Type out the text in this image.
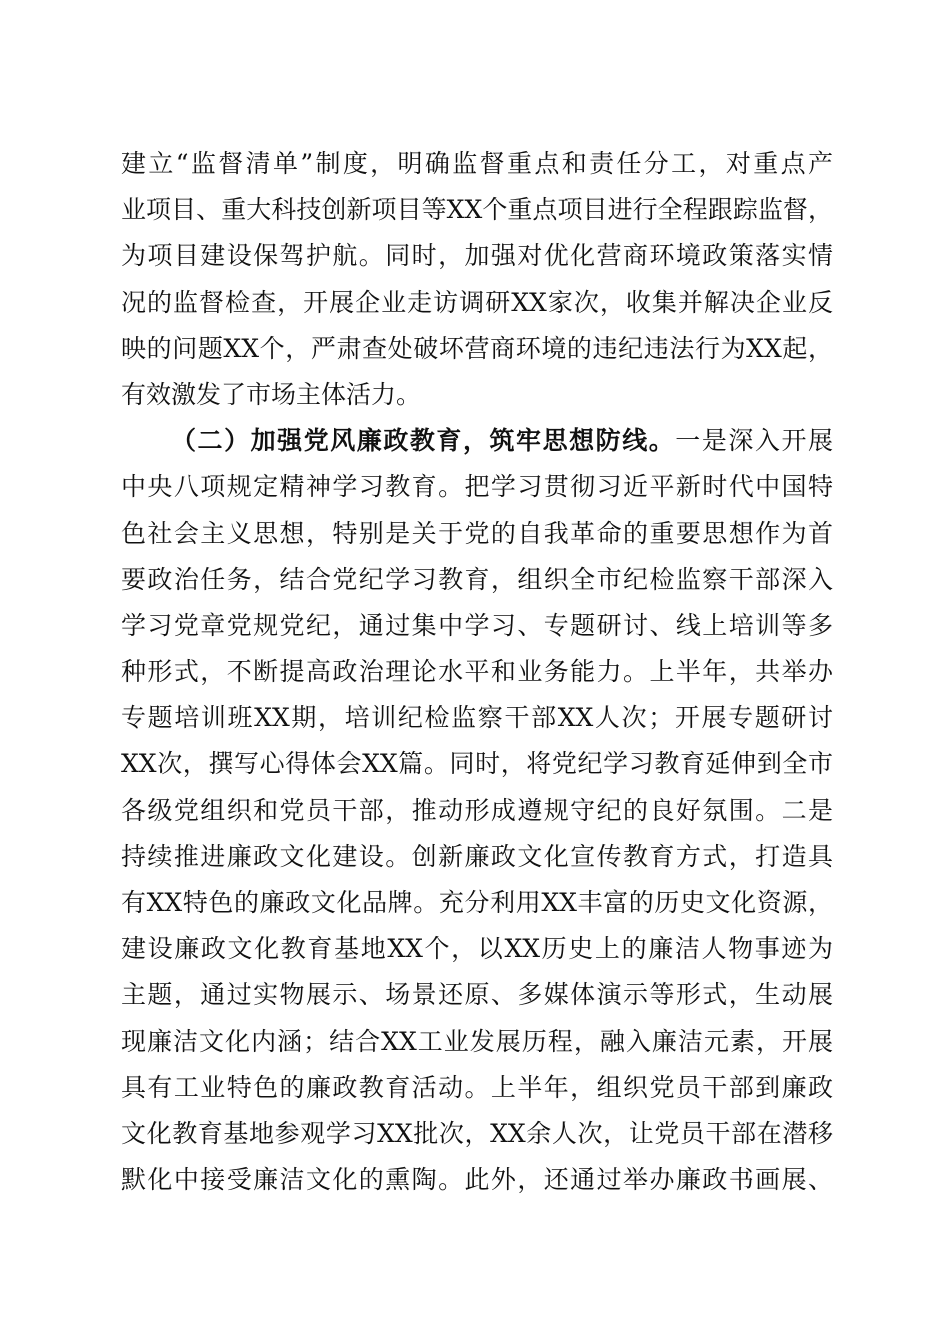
建立“监督清单”制度，明确监督重点和责任分工，对重点产
业项目、重大科技创新项目等XX个重点项目进行全程跟踪监督，
为项目建设保驾护航。同时，加强对优化营商环境政策落实情
况的监督检查，开展企业走访调研XX家次，收集并解决企业反
映的问题XX个，严肃查处破坏营商环境的违纪违法行为XX起，
有效激发了市场主体活力。
（二）加强党风廉政教育，筑牢思想防线。一是深入开展
中央八项规定精神学习教育。把学习贯彻习近平新时代中国特
色社会主义思想，特别是关于党的自我革命的重要思想作为首
要政治任务，结合党纪学习教育，组织全市纪检监察干部深入
学习党章党规党纪，通过集中学习、专题研讨、线上培训等多
种形式，不断提高政治理论水平和业务能力。上半年，共举办
专题培训班XX期，培训纪检监察干部XX人次；开展专题研讨
XX次，撰写心得体会XX篇。同时，将党纪学习教育延伸到全市
各级党组织和党员干部，推动形成遵规守纪的良好氛围。二是
持续推进廉政文化建设。创新廉政文化宣传教育方式，打造具
有XX特色的廉政文化品牌。充分利用XX丰富的历史文化资源，
建设廉政文化教育基地XX个，以XX历史上的廉洁人物事迹为
主题，通过实物展示、场景还原、多媒体演示等形式，生动展
现廉洁文化内涵；结合XX工业发展历程，融入廉洁元素，开展
具有工业特色的廉政教育活动。上半年，组织党员干部到廉政
文化教育基地参观学习XX批次，XX余人次，让党员干部在潜移
默化中接受廉洁文化的熏陶。此外，还通过举办廉政书画展、
